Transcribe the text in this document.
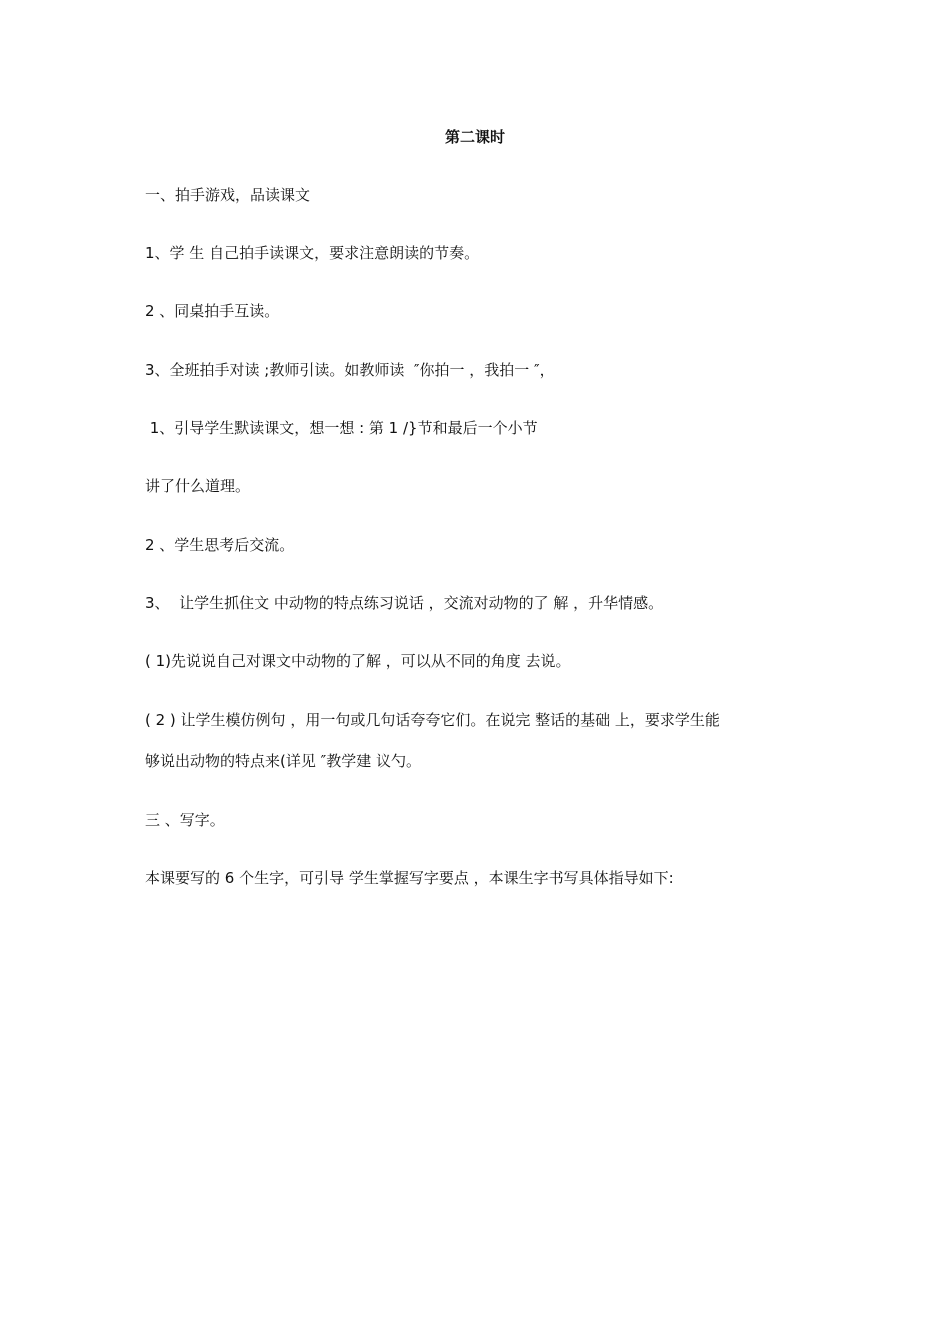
第二课时
一、拍手游戏，品读课文
1、学 生 自己拍手读课文，要求注意朗读的节奏。
2 、同桌拍手互读。
3、全班拍手对读 ;教师引读。如教师读  ″你拍一 ，我拍一 ″，
1、引导学生默读课文，想一想 : 第 1 /}节和最后一个小节
讲了什么道理。
2 、学生思考后交流。
3、  让学生抓住文 中动物的特点练习说话 ，交流对动物的了 解 ，升华情感。
( 1)先说说自己对课文中动物的了解 ，可以从不同的角度 去说。
( 2 ) 让学生模仿例句 ，用一句或几句话夸夸它们。在说完 整话的基础 上，要求学生能
够说出动物的特点来(详见 ″教学建 议勺。
三 、写字。
本课要写的 6 个生字，可引导 学生掌握写字要点 ，本课生字书写具体指导如下:
